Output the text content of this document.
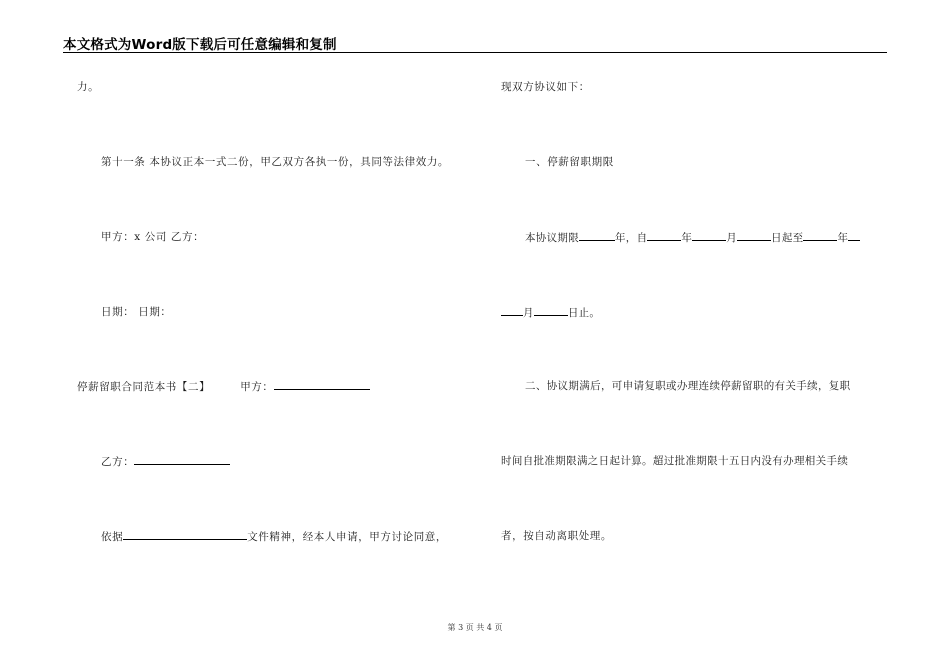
本文格式为Word版下载后可任意编辑和复制
力。
第十一条 本协议正本一式二份，甲乙双方各执一份，具同等法律效力。
甲方：x 公司 乙方：
日期： 日期：
停薪留职合同范本书【二】	甲方：
乙方：
依据	文件精神，经本人申请，甲方讨论同意，
现双方协议如下：
一、停薪留职期限
本协议期限	年，自	年	月	日起至	年
月	日止。
二、协议期满后，可申请复职或办理连续停薪留职的有关手续，复职
时间自批准期限满之日起计算。超过批准期限十五日内没有办理相关手续
者，按自动离职处理。
第 3 页 共 4 页
